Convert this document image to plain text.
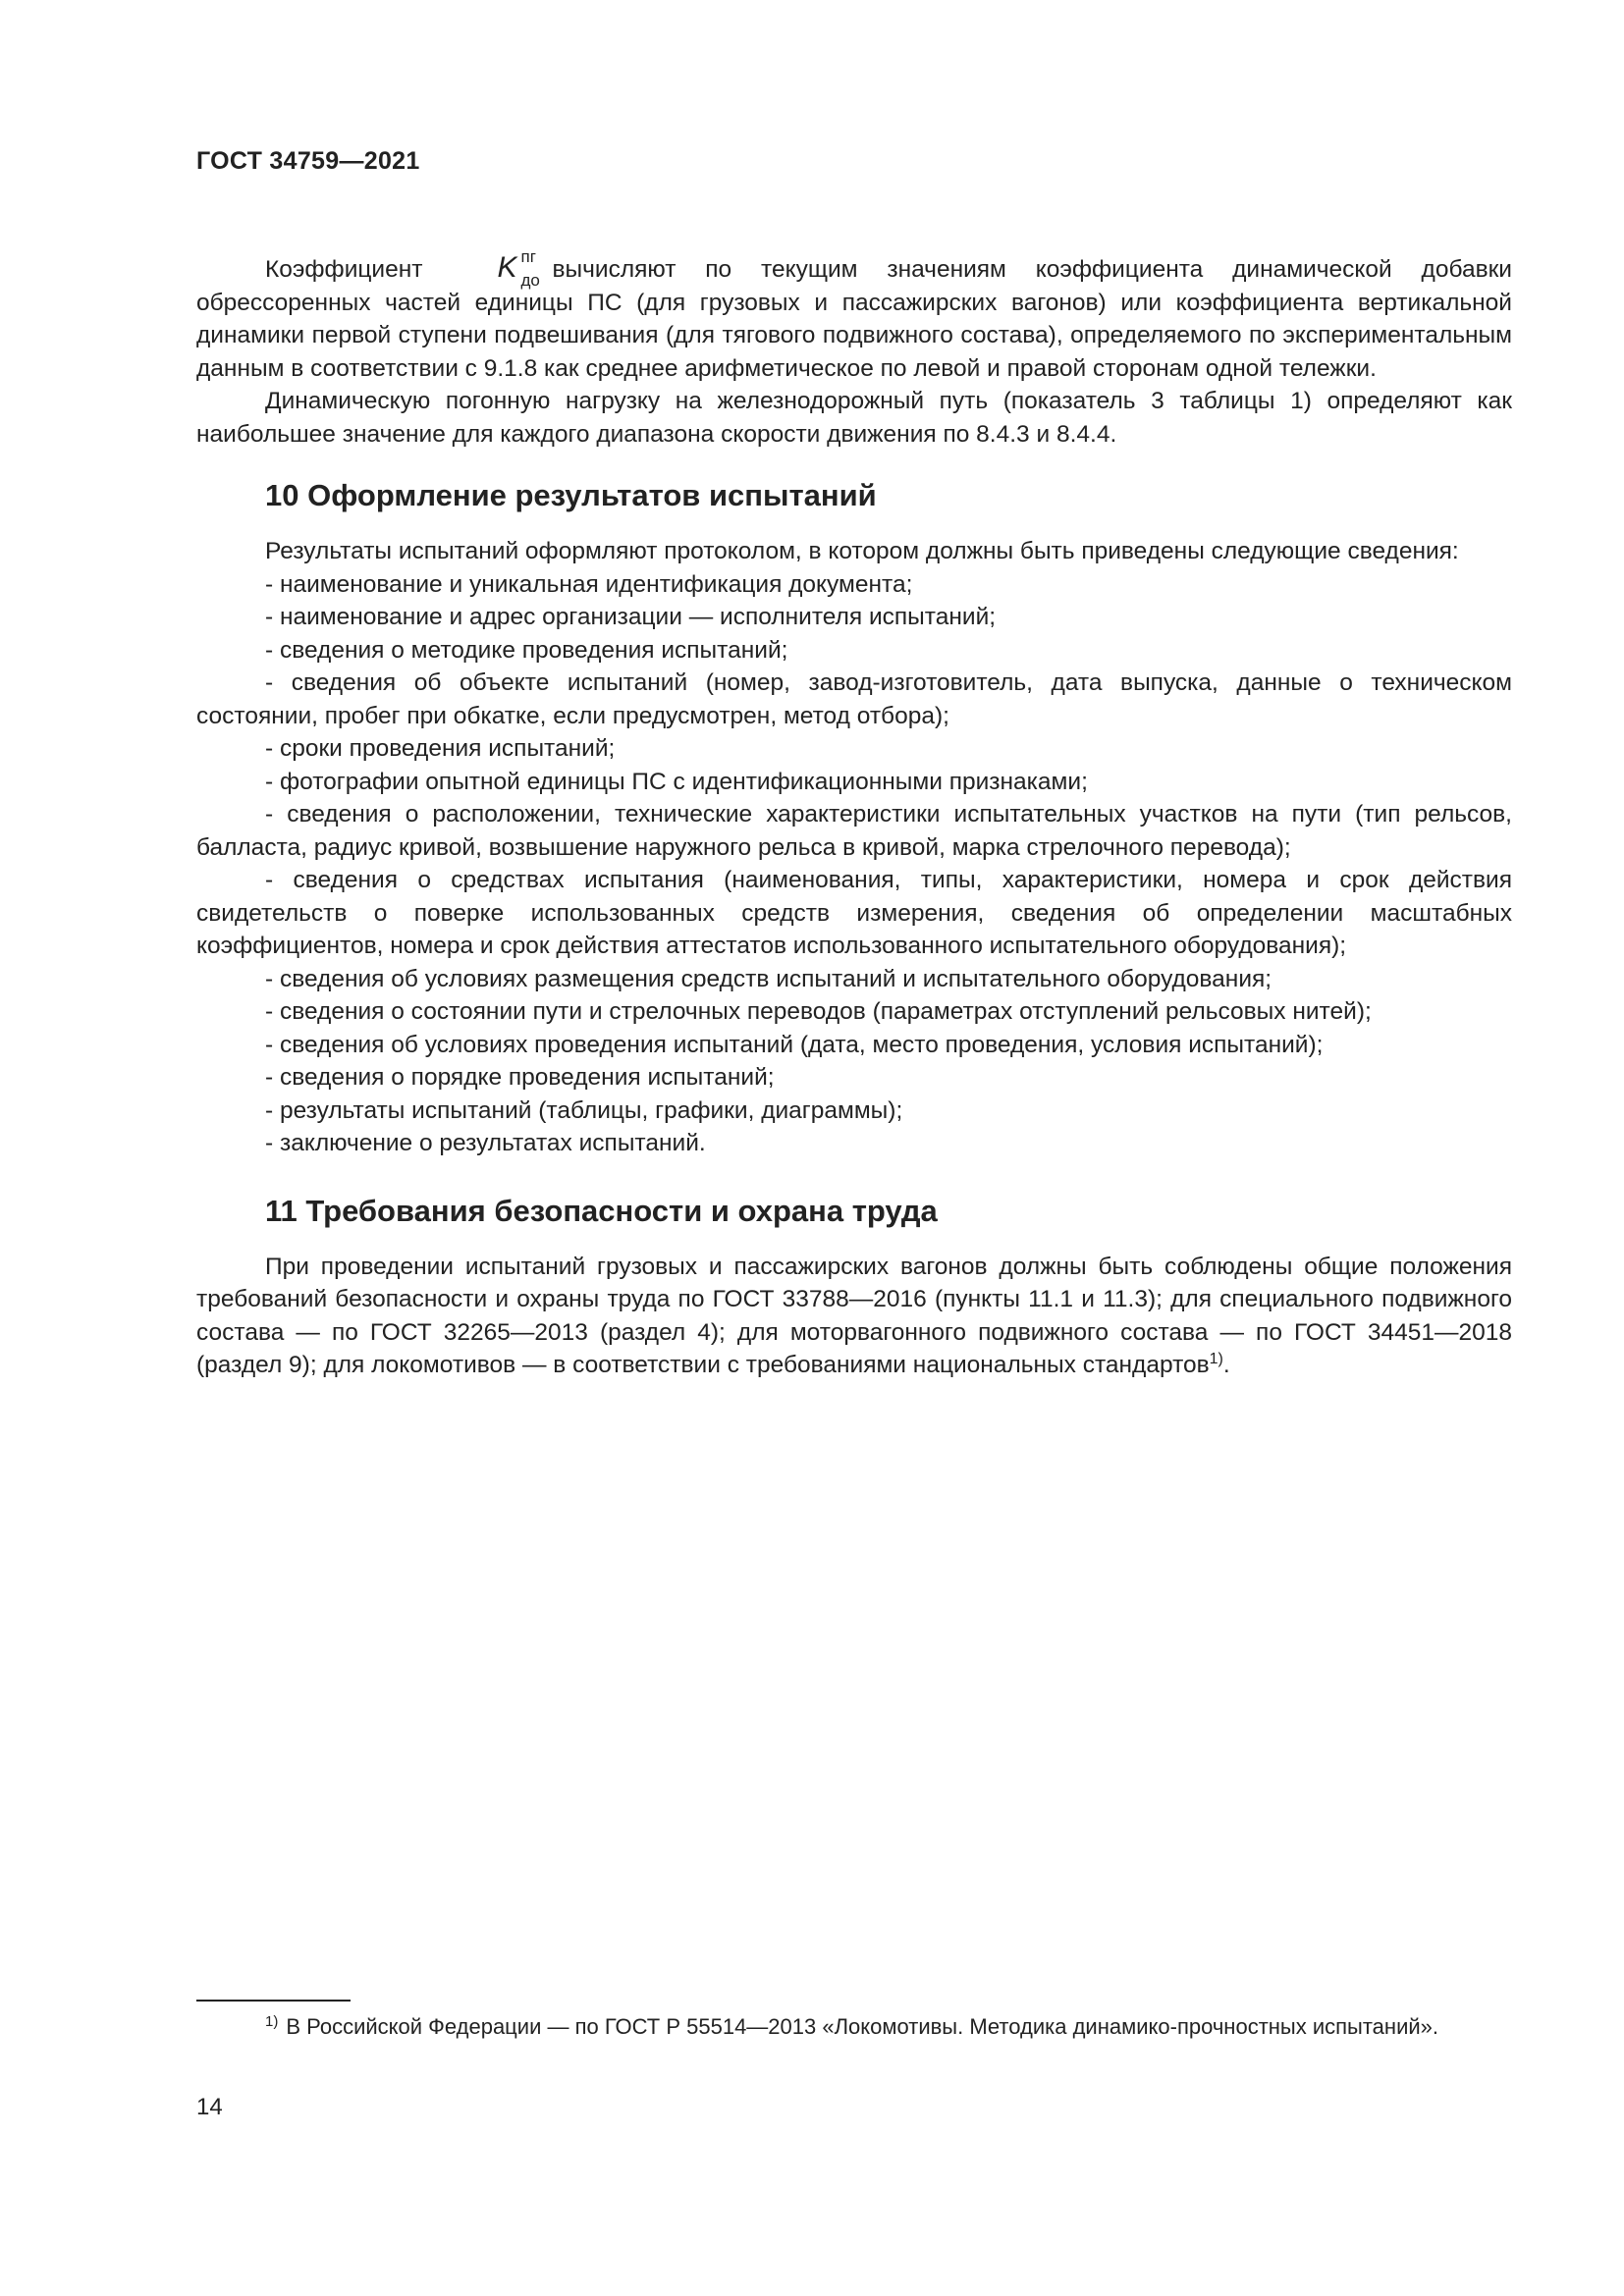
ГОСТ 34759—2021

Коэффициент	K пг
до вычисляют по текущим значениям коэффициента динамической добавки обрессоренных частей единицы ПС (для грузовых и пассажирских вагонов) или коэффициента вертикальной динамики первой ступени подвешивания (для тягового подвижного состава), определяемого по экспериментальным данным в соответствии с 9.1.8 как среднее арифметическое по левой и правой сторонам одной тележки.

Динамическую погонную нагрузку на железнодорожный путь (показатель 3 таблицы 1) определяют как наибольшее значение для каждого диапазона скорости движения по 8.4.3 и 8.4.4.

10 Оформление результатов испытаний

Результаты испытаний оформляют протоколом, в котором должны быть приведены следующие сведения:

- наименование и уникальная идентификация документа;

- наименование и адрес организации — исполнителя испытаний;

- сведения о методике проведения испытаний;

- сведения об объекте испытаний (номер, завод-изготовитель, дата выпуска, данные о техническом состоянии, пробег при обкатке, если предусмотрен, метод отбора);

- сроки проведения испытаний;

- фотографии опытной единицы ПС с идентификационными признаками;

- сведения о расположении, технические характеристики испытательных участков на пути (тип рельсов, балласта, радиус кривой, возвышение наружного рельса в кривой, марка стрелочного перевода);

- сведения о средствах испытания (наименования, типы, характеристики, номера и срок действия свидетельств о поверке использованных средств измерения, сведения об определении масштабных коэффициентов, номера и срок действия аттестатов использованного испытательного оборудования);

- сведения об условиях размещения средств испытаний и испытательного оборудования;

- сведения о состоянии пути и стрелочных переводов (параметрах отступлений рельсовых нитей);

- сведения об условиях проведения испытаний (дата, место проведения, условия испытаний);

- сведения о порядке проведения испытаний;

- результаты испытаний (таблицы, графики, диаграммы);

- заключение о результатах испытаний.

11 Требования безопасности и охрана труда

При проведении испытаний грузовых и пассажирских вагонов должны быть соблюдены общие положения требований безопасности и охраны труда по ГОСТ 33788—2016 (пункты 11.1 и 11.3); для специального подвижного состава — по ГОСТ 32265—2013 (раздел 4); для моторвагонного подвижного состава — по ГОСТ 34451—2018 (раздел 9); для локомотивов — в соответствии с требованиями национальных стандартов$^{1)}$.

$^{1)}$ В Российской Федерации — по ГОСТ Р 55514—2013 «Локомотивы. Методика динамико-прочностных испытаний».
14
